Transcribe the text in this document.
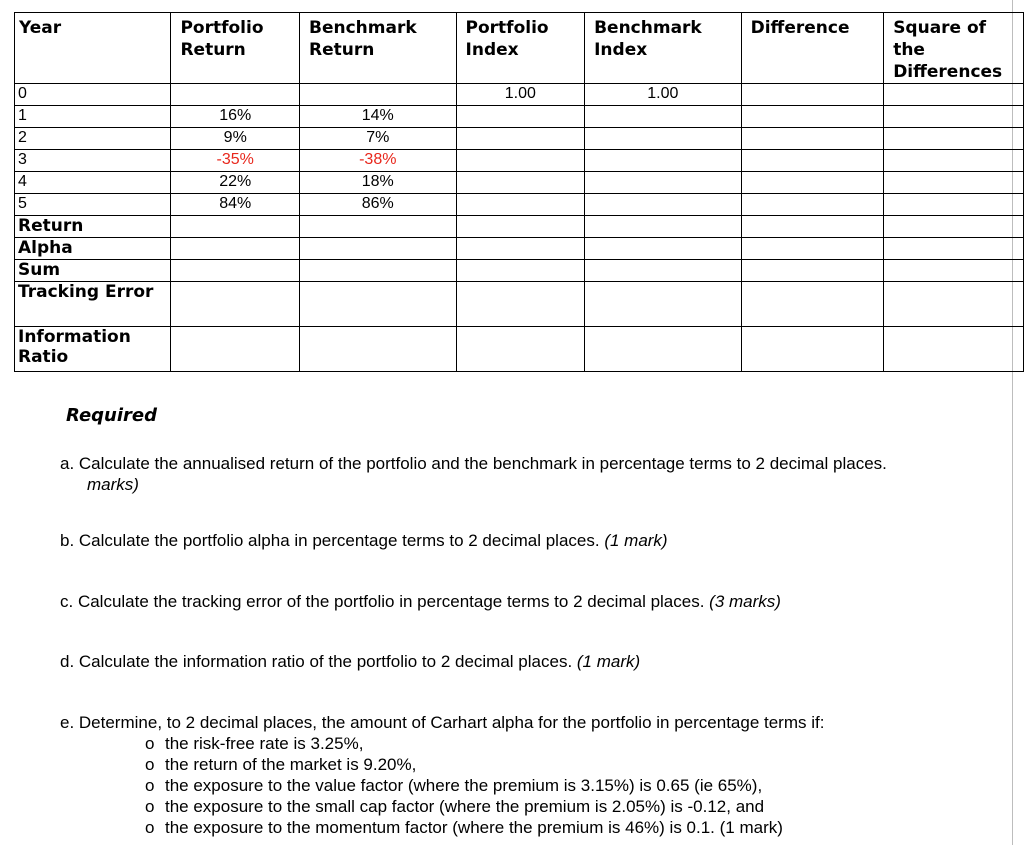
Year	Portfolio Return	Benchmark Return	Portfolio Index	Benchmark Index	Difference	Square of the Differences
0			1.00	1.00		
1	16%	14%				
2	9%	7%				
3	-35%	-38%				
4	22%	18%				
5	84%	86%				
Return						
Alpha						
Sum						
Tracking Error						
Information Ratio						
Required
a. Calculate the annualised return of the portfolio and the benchmark in percentage terms to 2 decimal places.
marks)
b. Calculate the portfolio alpha in percentage terms to 2 decimal places. (1 mark)
c. Calculate the tracking error of the portfolio in percentage terms to 2 decimal places. (3 marks)
d. Calculate the information ratio of the portfolio to 2 decimal places. (1 mark)
e. Determine, to 2 decimal places, the amount of Carhart alpha for the portfolio in percentage terms if:
o the risk-free rate is 3.25%,
o the return of the market is 9.20%,
o the exposure to the value factor (where the premium is 3.15%) is 0.65 (ie 65%),
o the exposure to the small cap factor (where the premium is 2.05%) is -0.12, and
o the exposure to the momentum factor (where the premium is 46%) is 0.1. (1 mark)
